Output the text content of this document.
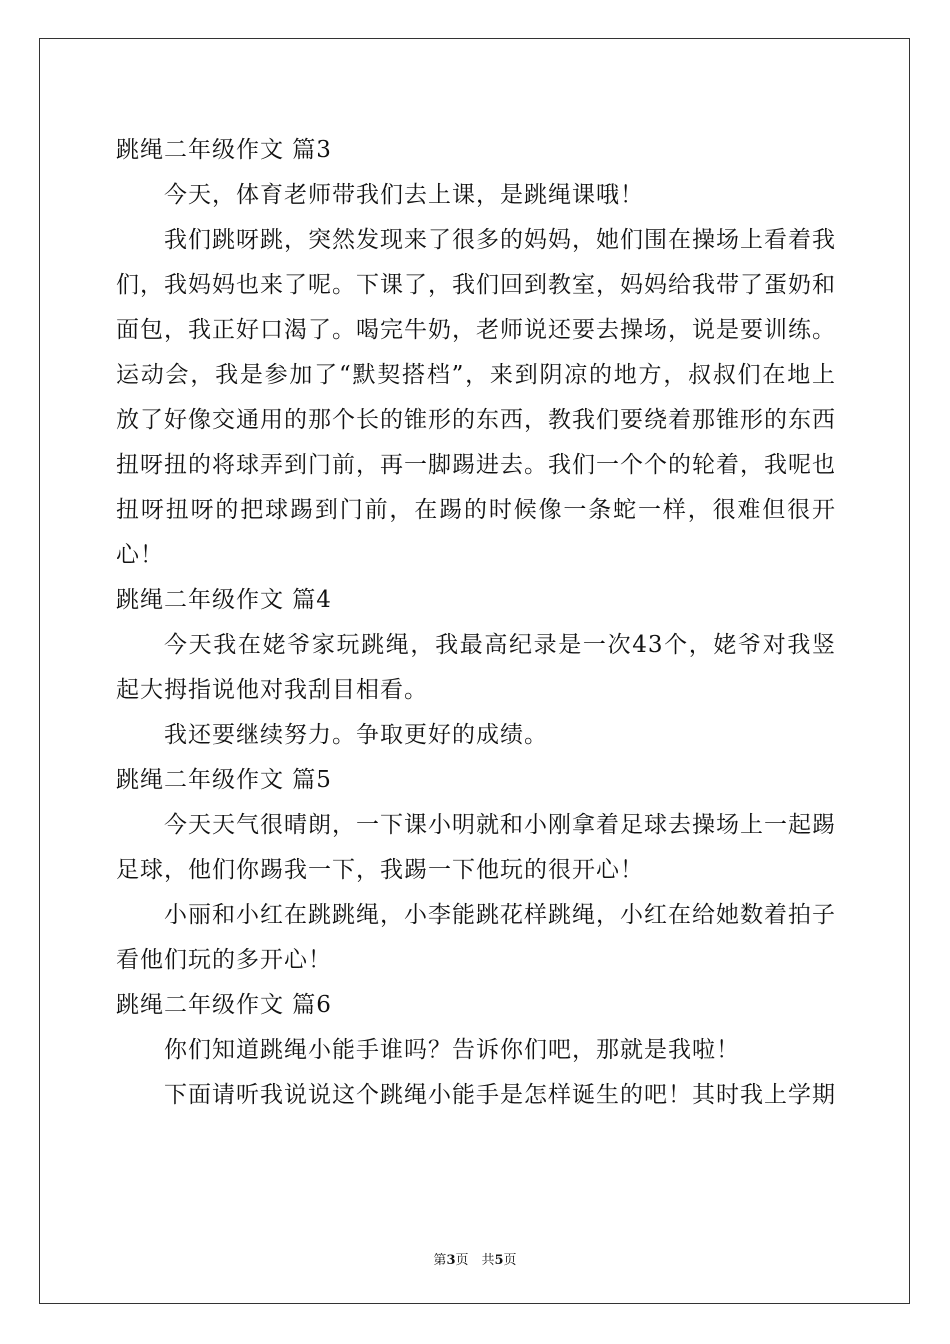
跳绳二年级作文 篇3

今天，体育老师带我们去上课，是跳绳课哦！

我们跳呀跳，突然发现来了很多的妈妈，她们围在操场上看着我们，我妈妈也来了呢。下课了，我们回到教室，妈妈给我带了蛋奶和面包，我正好口渴了。喝完牛奶，老师说还要去操场，说是要训练。

运动会，我是参加了“默契搭档”，来到阴凉的地方，叔叔们在地上放了好像交通用的那个长的锥形的东西，教我们要绕着那锥形的东西扭呀扭的将球弄到门前，再一脚踢进去。我们一个个的轮着，我呢也扭呀扭呀的把球踢到门前，在踢的时候像一条蛇一样，很难但很开心！

跳绳二年级作文 篇4

今天我在姥爷家玩跳绳，我最高纪录是一次43个，姥爷对我竖起大拇指说他对我刮目相看。

我还要继续努力。争取更好的成绩。

跳绳二年级作文 篇5

今天天气很晴朗，一下课小明就和小刚拿着足球去操场上一起踢足球，他们你踢我一下，我踢一下他玩的很开心！

小丽和小红在跳跳绳，小李能跳花样跳绳，小红在给她数着拍子看他们玩的多开心！

跳绳二年级作文 篇6

你们知道跳绳小能手谁吗？告诉你们吧，那就是我啦！

下面请听我说说这个跳绳小能手是怎样诞生的吧！其时我上学期

第3页　共5页
